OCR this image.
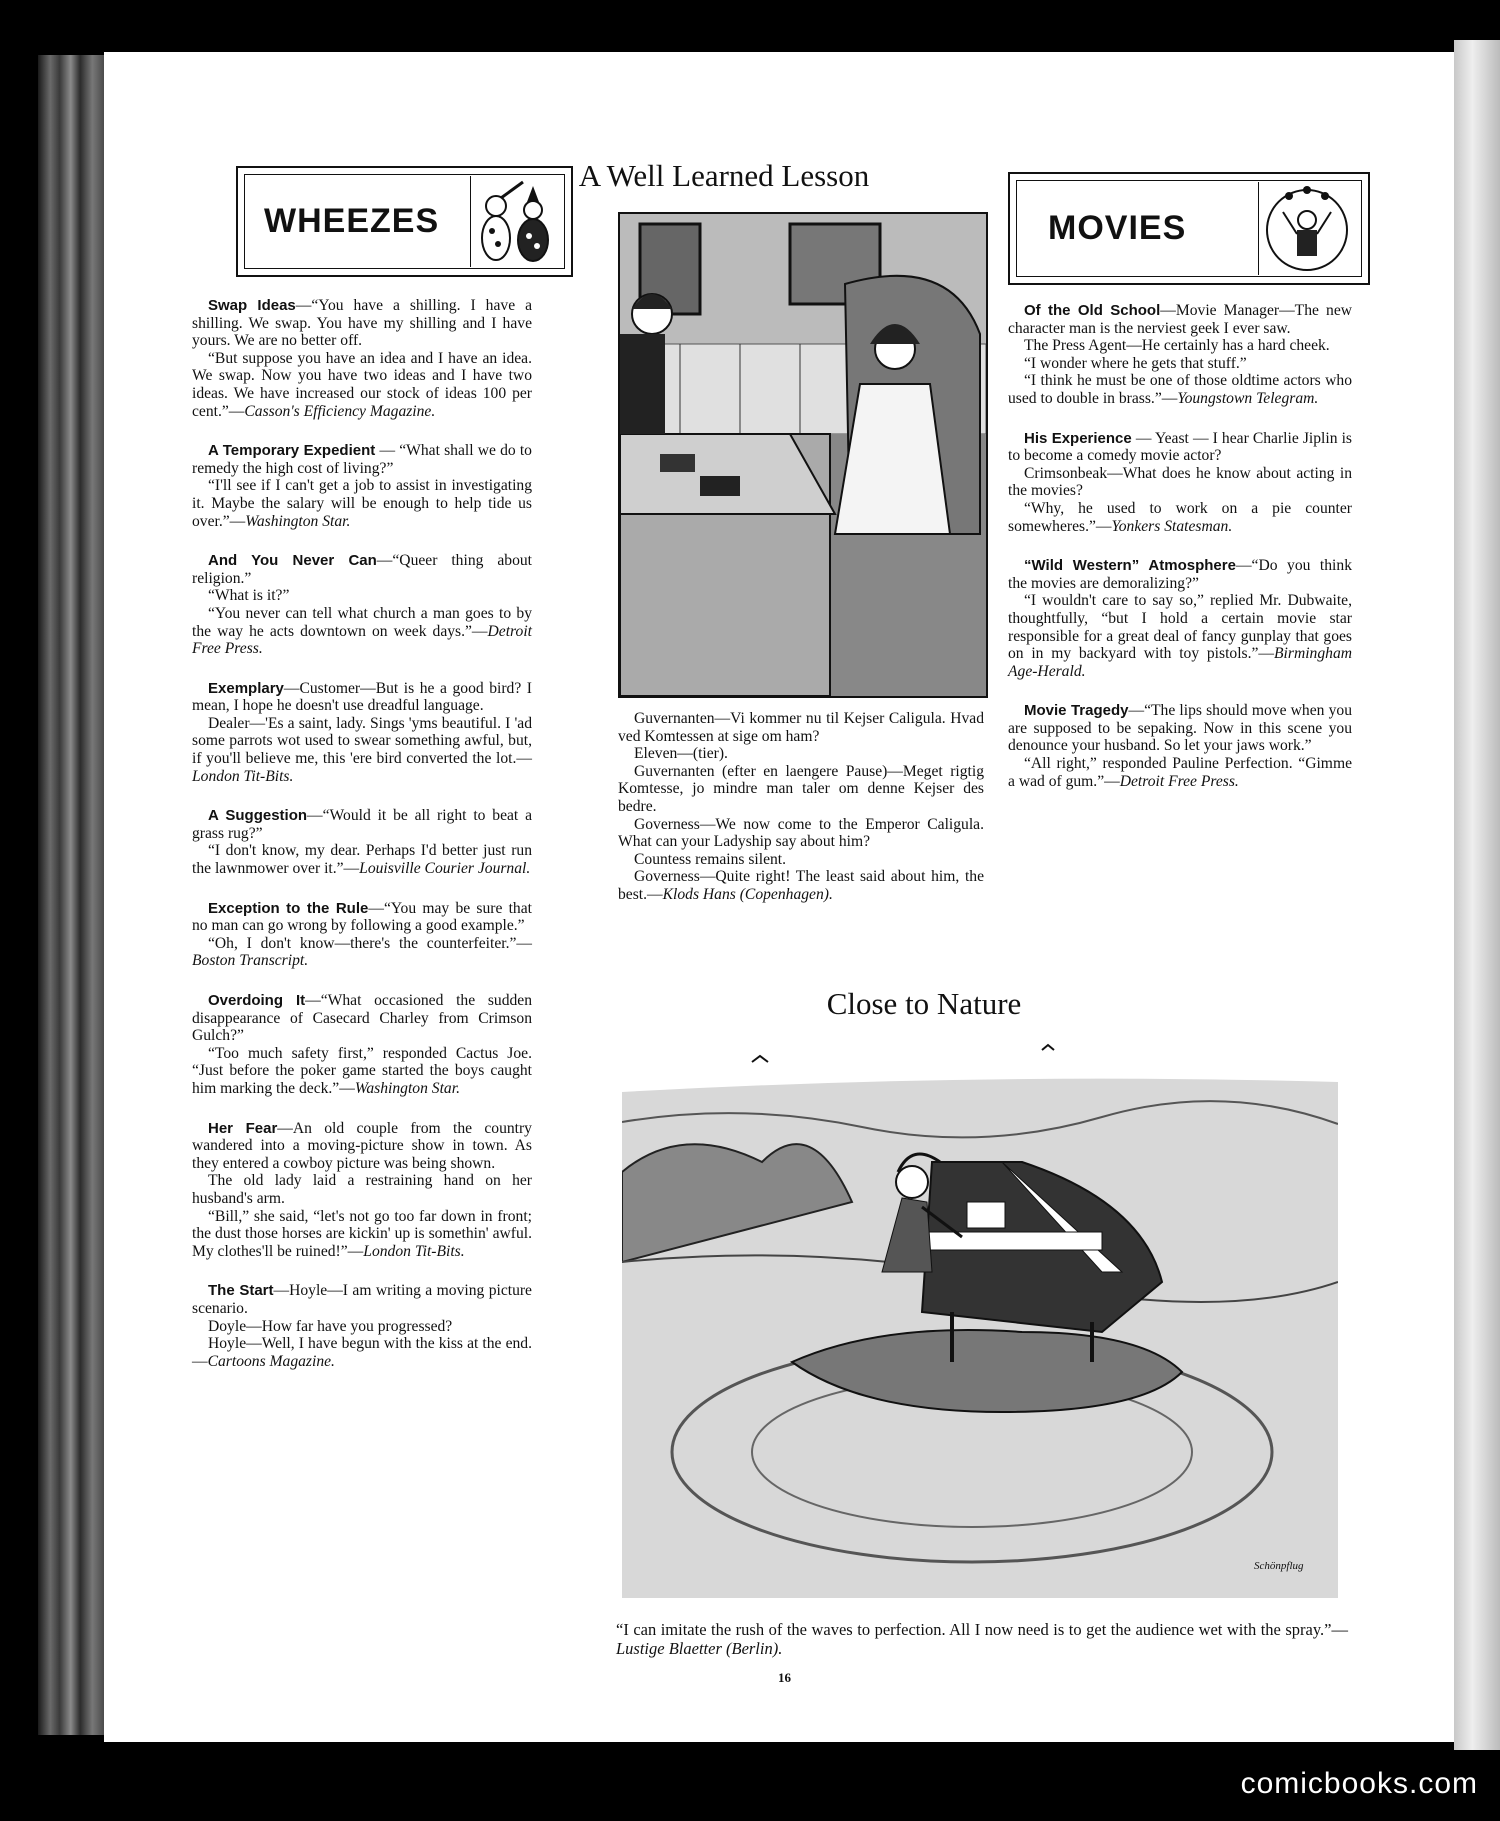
WHEEZES

Swap Ideas—“You have a shilling. I have a shilling. We swap. You have my shilling and I have yours. We are no better off.

“But suppose you have an idea and I have an idea. We swap. Now you have two ideas and I have two ideas. We have increased our stock of ideas 100 per cent.”—Casson's Efficiency Magazine.

A Temporary Expedient — “What shall we do to remedy the high cost of living?”

“I'll see if I can't get a job to assist in investigating it. Maybe the salary will be enough to help tide us over.”—Washington Star.

And You Never Can—“Queer thing about religion.”

“What is it?”

“You never can tell what church a man goes to by the way he acts downtown on week days.”—Detroit Free Press.

Exemplary—Customer—But is he a good bird? I mean, I hope he doesn't use dreadful language.

Dealer—'Es a saint, lady. Sings 'yms beautiful. I 'ad some parrots wot used to swear something awful, but, if you'll believe me, this 'ere bird converted the lot.—London Tit-Bits.

A Suggestion—“Would it be all right to beat a grass rug?”

“I don't know, my dear. Perhaps I'd better just run the lawnmower over it.”—Louisville Courier Journal.

Exception to the Rule—“You may be sure that no man can go wrong by following a good example.”

“Oh, I don't know—there's the counterfeiter.”—Boston Transcript.

Overdoing It—“What occasioned the sudden disappearance of Casecard Charley from Crimson Gulch?”

“Too much safety first,” responded Cactus Joe. “Just before the poker game started the boys caught him marking the deck.”—Washington Star.

Her Fear—An old couple from the country wandered into a moving-picture show in town. As they entered a cowboy picture was being shown.

The old lady laid a restraining hand on her husband's arm.

“Bill,” she said, “let's not go too far down in front; the dust those horses are kickin' up is somethin' awful. My clothes'll be ruined!”—London Tit-Bits.

The Start—Hoyle—I am writing a moving picture scenario.

Doyle—How far have you progressed?

Hoyle—Well, I have begun with the kiss at the end.—Cartoons Magazine.

A Well Learned Lesson

Guvernanten—Vi kommer nu til Kejser Caligula. Hvad ved Komtessen at sige om ham?

Eleven—(tier).

Guvernanten (efter en laengere Pause)—Meget rigtig Komtesse, jo mindre man taler om denne Kejser des bedre.

Governess—We now come to the Emperor Caligula. What can your Ladyship say about him?

Countess remains silent.

Governess—Quite right! The least said about him, the best.—Klods Hans (Copenhagen).

MOVIES

Of the Old School—Movie Manager—The new character man is the nerviest geek I ever saw.

The Press Agent—He certainly has a hard cheek.

“I wonder where he gets that stuff.”

“I think he must be one of those oldtime actors who used to double in brass.”—Youngstown Telegram.

His Experience — Yeast — I hear Charlie Jiplin is to become a comedy movie actor?

Crimsonbeak—What does he know about acting in the movies?

“Why, he used to work on a pie counter somewheres.”—Yonkers Statesman.

“Wild Western” Atmosphere—“Do you think the movies are demoralizing?”

“I wouldn't care to say so,” replied Mr. Dubwaite, thoughtfully, “but I hold a certain movie star responsible for a great deal of fancy gunplay that goes on in my backyard with toy pistols.”—Birmingham Age-Herald.

Movie Tragedy—“The lips should move when you are supposed to be sepaking. Now in this scene you denounce your husband. So let your jaws work.”

“All right,” responded Pauline Perfection. “Gimme a wad of gum.”—Detroit Free Press.

Close to Nature
Schönpflug
“I can imitate the rush of the waves to perfection. All I now need is to get the audience wet with the spray.”—Lustige Blaetter (Berlin).
16
comicbooks.com
